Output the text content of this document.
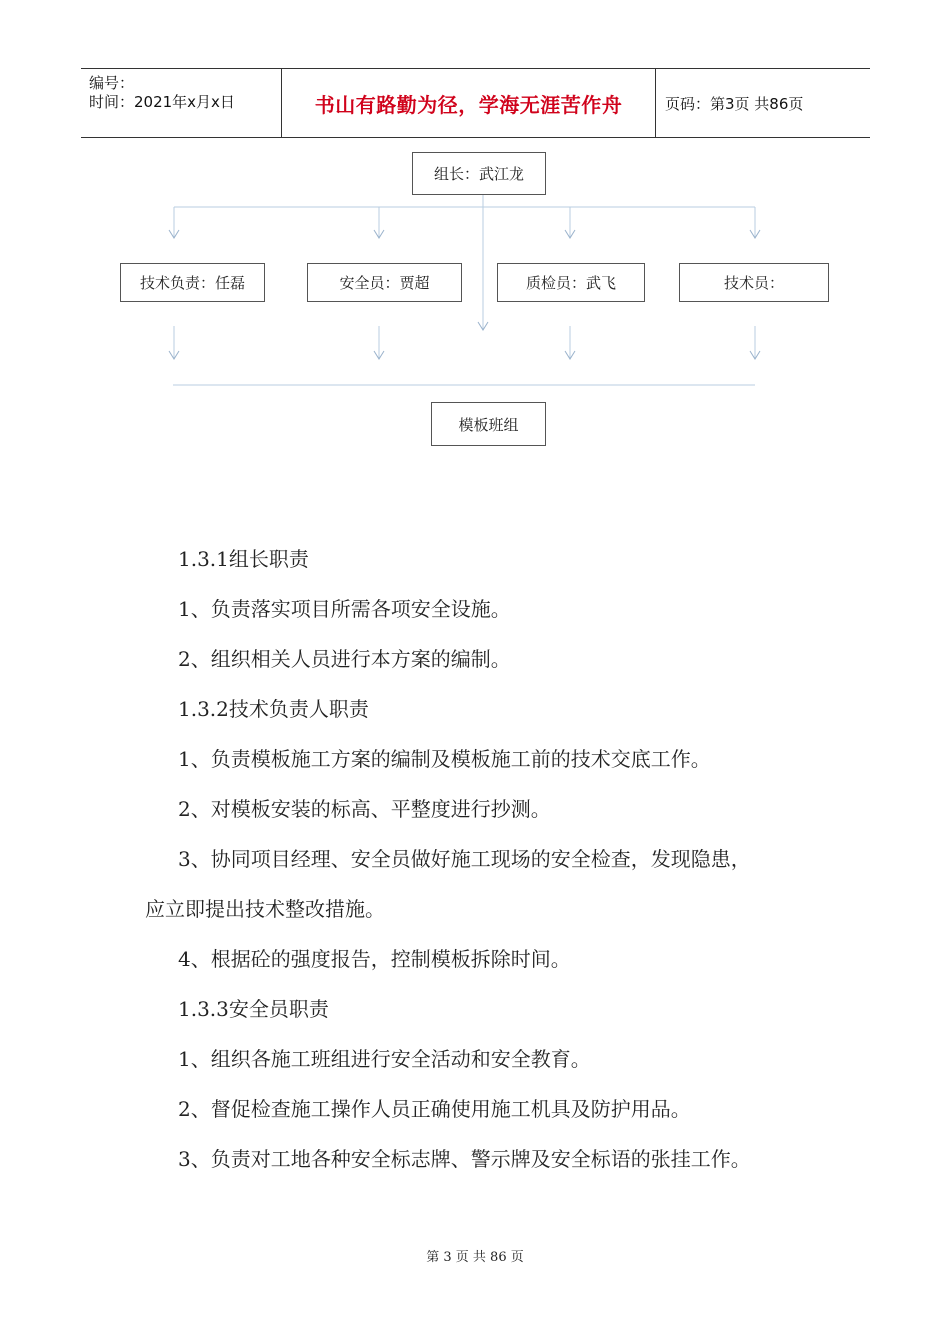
编号：
时间：2021年x月x日	书山有路勤为径，学海无涯苦作舟	页码：第3页 共86页
组长：武江龙
技术负责：任磊	安全员：贾超	质检员：武飞	技术员：
模板班组
1.3.1组长职责
1、负责落实项目所需各项安全设施。
2、组织相关人员进行本方案的编制。
1.3.2技术负责人职责
1、负责模板施工方案的编制及模板施工前的技术交底工作。
2、对模板安装的标高、平整度进行抄测。
3、协同项目经理、安全员做好施工现场的安全检查，发现隐患，
应立即提出技术整改措施。
4、根据砼的强度报告，控制模板拆除时间。
1.3.3安全员职责
1、组织各施工班组进行安全活动和安全教育。
2、督促检查施工操作人员正确使用施工机具及防护用品。
3、负责对工地各种安全标志牌、警示牌及安全标语的张挂工作。
第 3 页 共 86 页
